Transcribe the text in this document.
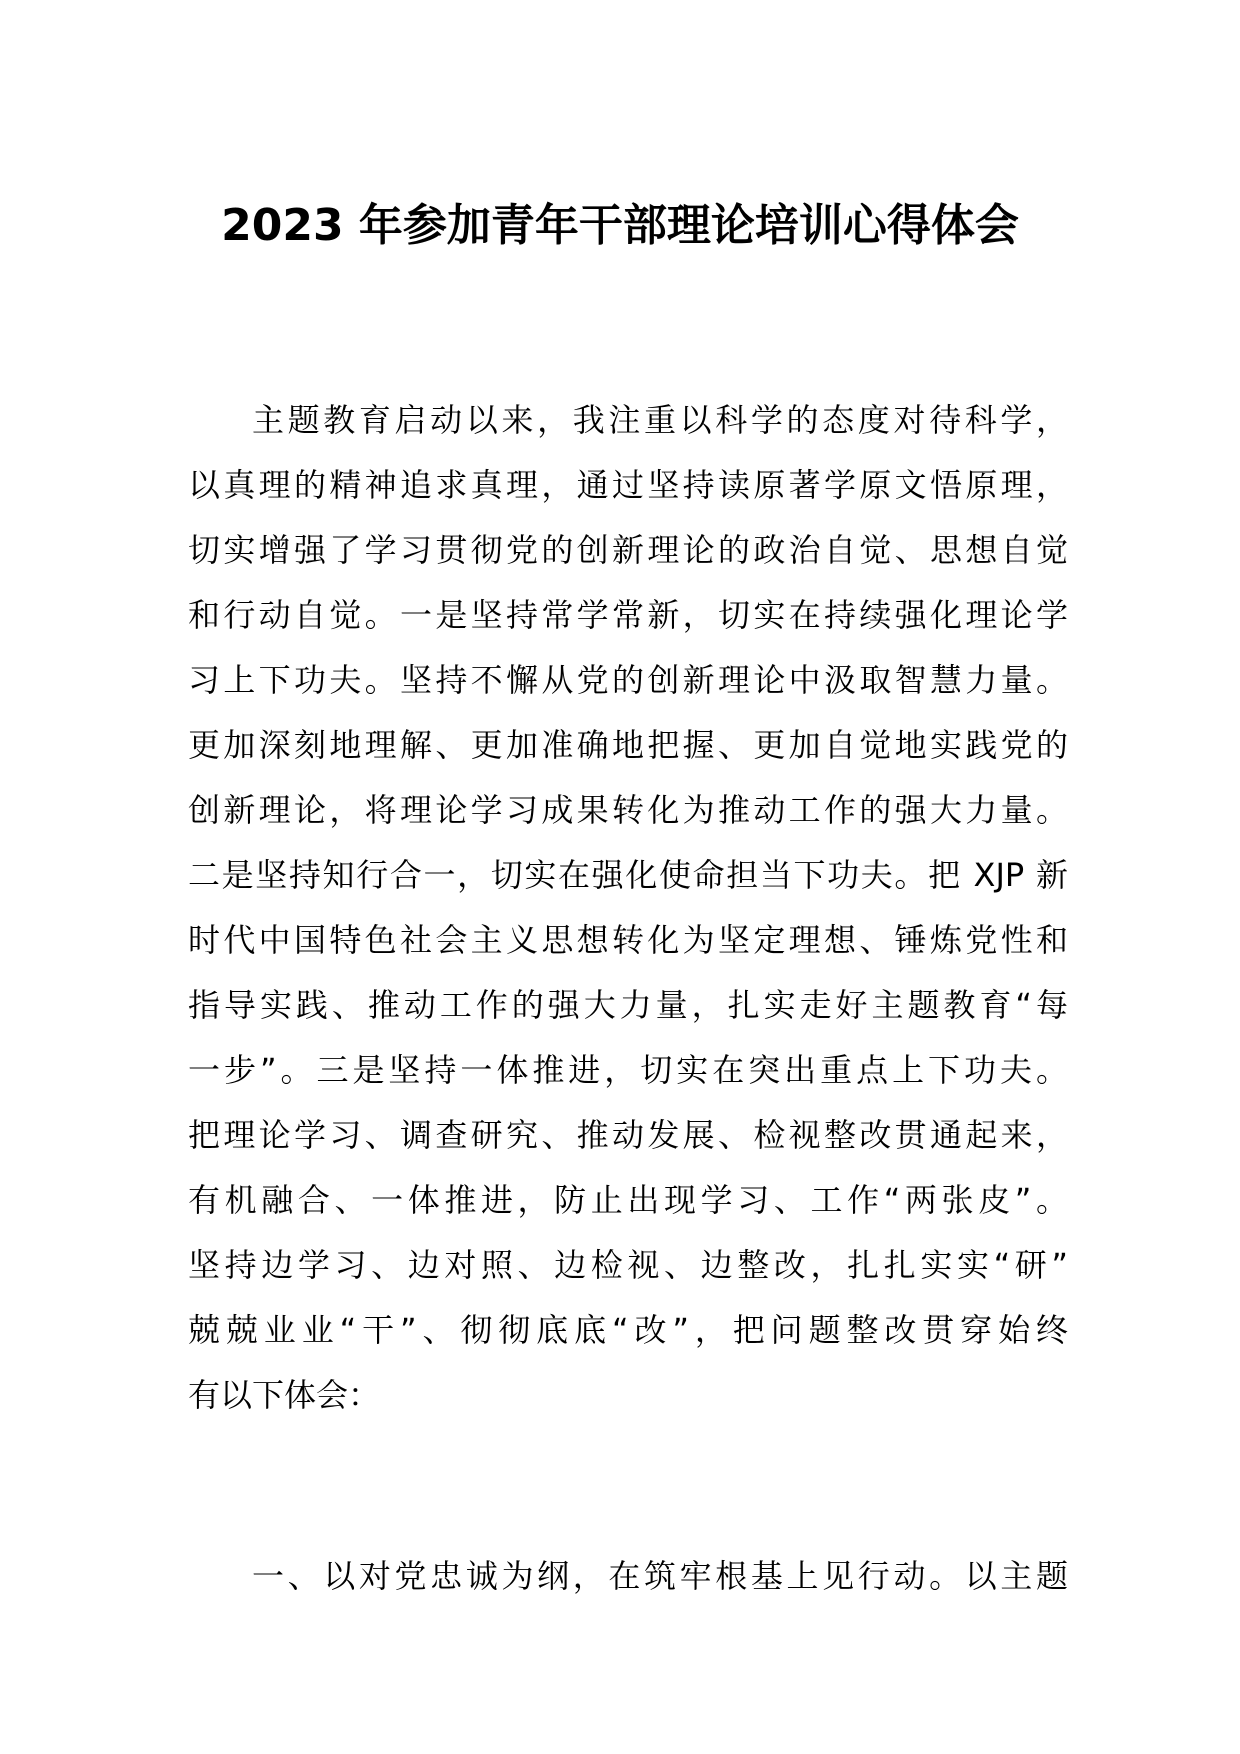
2023 年参加青年干部理论培训心得体会
主题教育启动以来，我注重以科学的态度对待科学，
以真理的精神追求真理，通过坚持读原著学原文悟原理，
切实增强了学习贯彻党的创新理论的政治自觉、思想自觉
和行动自觉。一是坚持常学常新，切实在持续强化理论学
习上下功夫。坚持不懈从党的创新理论中汲取智慧力量。
更加深刻地理解、更加准确地把握、更加自觉地实践党的
创新理论，将理论学习成果转化为推动工作的强大力量。
二是坚持知行合一，切实在强化使命担当下功夫。把 XJP 新
时代中国特色社会主义思想转化为坚定理想、锤炼党性和
指导实践、推动工作的强大力量，扎实走好主题教育“每
一步”。三是坚持一体推进，切实在突出重点上下功夫。
把理论学习、调查研究、推动发展、检视整改贯通起来，
有机融合、一体推进，防止出现学习、工作“两张皮”。
坚持边学习、边对照、边检视、边整改，扎扎实实“研”
兢兢业业“干”、彻彻底底“改”，把问题整改贯穿始终
有以下体会：
一、以对党忠诚为纲，在筑牢根基上见行动。以主题
